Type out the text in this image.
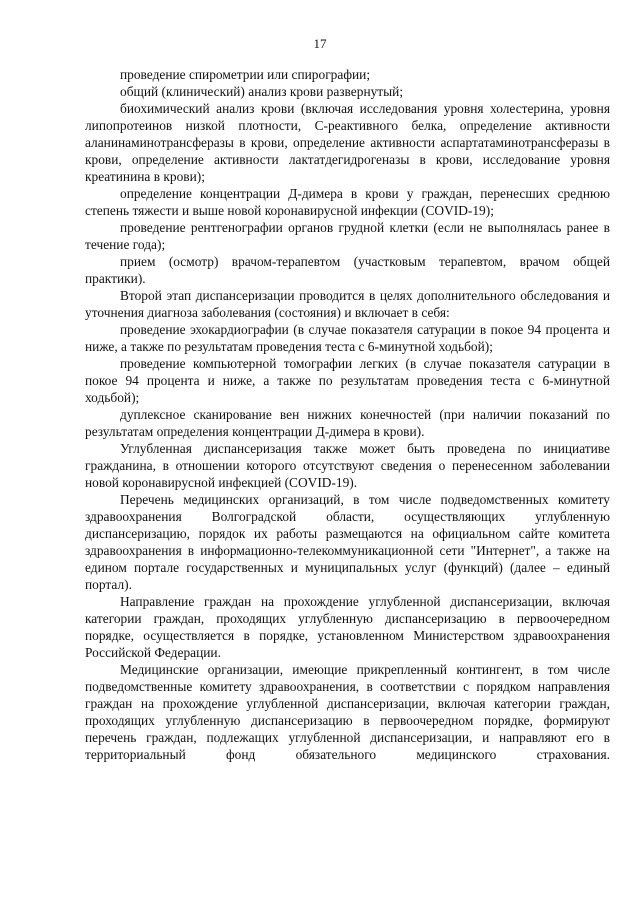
17

проведение спирометрии или спирографии;

общий (клинический) анализ крови развернутый;

биохимический анализ крови (включая исследования уровня холестерина, уровня липопротеинов низкой плотности, С-реактивного белка, определение активности аланинаминотрансферазы в крови, определение активности аспартатаминотрансферазы в крови, определение активности лактатдегидрогеназы в крови, исследование уровня креатинина в крови);

определение концентрации Д-димера в крови у граждан, перенесших среднюю степень тяжести и выше новой коронавирусной инфекции (COVID-19);

проведение рентгенографии органов грудной клетки (если не выполнялась ранее в течение года);

прием (осмотр) врачом-терапевтом (участковым терапевтом, врачом общей практики).

Второй этап диспансеризации проводится в целях дополнительного обследования и уточнения диагноза заболевания (состояния) и включает в себя:

проведение эхокардиографии (в случае показателя сатурации в покое 94 процента и ниже, а также по результатам проведения теста с 6-минутной ходьбой);

проведение компьютерной томографии легких (в случае показателя сатурации в покое 94 процента и ниже, а также по результатам проведения теста с 6-минутной ходьбой);

дуплексное сканирование вен нижних конечностей (при наличии показаний по результатам определения концентрации Д-димера в крови).

Углубленная диспансеризация также может быть проведена по инициативе гражданина, в отношении которого отсутствуют сведения о перенесенном заболевании новой коронавирусной инфекцией (COVID-19).

Перечень медицинских организаций, в том числе подведомственных комитету здравоохранения Волгоградской области, осуществляющих углубленную диспансеризацию, порядок их работы размещаются на официальном сайте комитета здравоохранения в информационно-телекоммуникационной сети "Интернет", а также на едином портале государственных и муниципальных услуг (функций) (далее – единый портал).

Направление граждан на прохождение углубленной диспансеризации, включая категории граждан, проходящих углубленную диспансеризацию в первоочередном порядке, осуществляется в порядке, установленном Министерством здравоохранения Российской Федерации.

Медицинские организации, имеющие прикрепленный контингент, в том числе подведомственные комитету здравоохранения, в соответствии с порядком направления граждан на прохождение углубленной диспансеризации, включая категории граждан, проходящих углубленную диспансеризацию в первоочередном порядке, формируют перечень граждан, подлежащих углубленной диспансеризации, и направляют его в территориальный фонд обязательного медицинского страхования.
